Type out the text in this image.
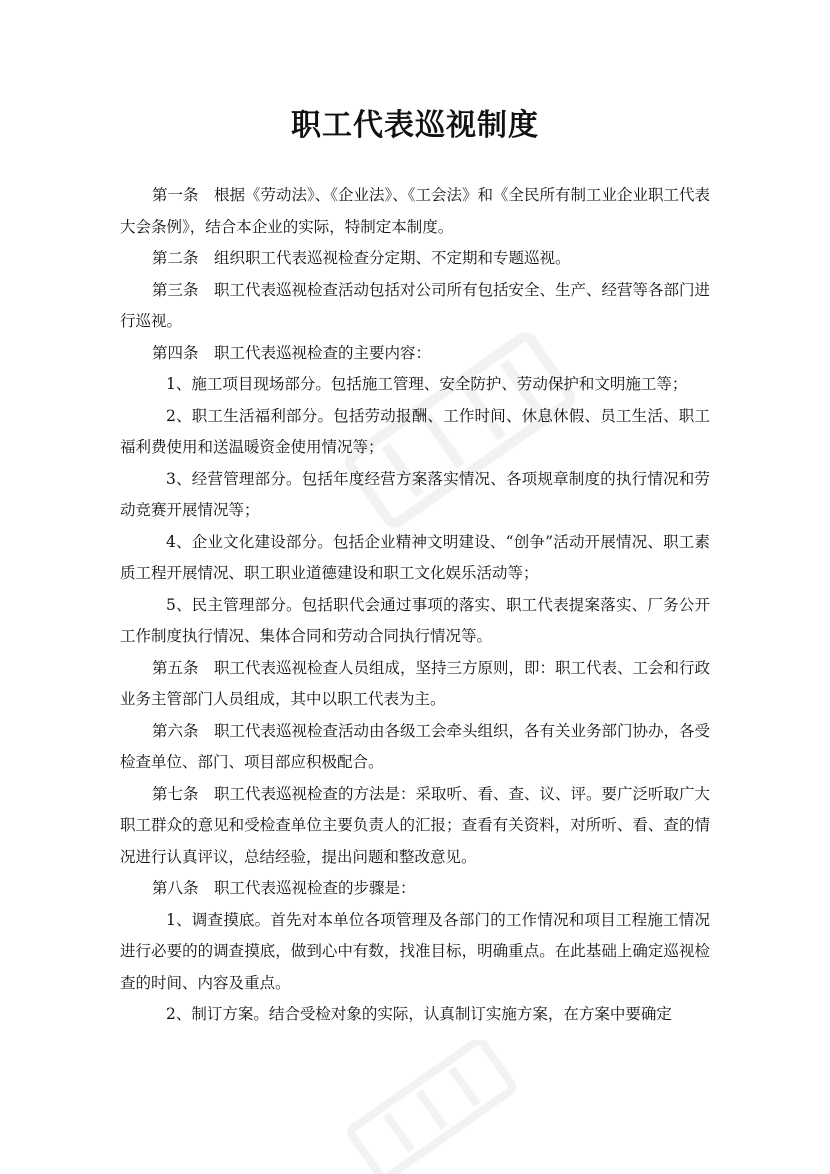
职工代表巡视制度

第一条　根据《劳动法》、《企业法》、《工会法》和《全民所有制工业企业职工代表大会条例》，结合本企业的实际，特制定本制度。

第二条　组织职工代表巡视检查分定期、不定期和专题巡视。

第三条　职工代表巡视检查活动包括对公司所有包括安全、生产、经营等各部门进行巡视。

第四条　职工代表巡视检查的主要内容：

1、施工项目现场部分。包括施工管理、安全防护、劳动保护和文明施工等；

2、职工生活福利部分。包括劳动报酬、工作时间、休息休假、员工生活、职工福利费使用和送温暖资金使用情况等；

3、经营管理部分。包括年度经营方案落实情况、各项规章制度的执行情况和劳动竞赛开展情况等；

4、企业文化建设部分。包括企业精神文明建设、“创争”活动开展情况、职工素质工程开展情况、职工职业道德建设和职工文化娱乐活动等；

5、民主管理部分。包括职代会通过事项的落实、职工代表提案落实、厂务公开工作制度执行情况、集体合同和劳动合同执行情况等。

第五条　职工代表巡视检查人员组成，坚持三方原则，即：职工代表、工会和行政业务主管部门人员组成，其中以职工代表为主。

第六条　职工代表巡视检查活动由各级工会牵头组织，各有关业务部门协办，各受检查单位、部门、项目部应积极配合。

第七条　职工代表巡视检查的方法是：采取听、看、查、议、评。要广泛听取广大职工群众的意见和受检查单位主要负责人的汇报；查看有关资料，对所听、看、查的情况进行认真评议，总结经验，提出问题和整改意见。

第八条　职工代表巡视检查的步骤是：

1、调查摸底。首先对本单位各项管理及各部门的工作情况和项目工程施工情况进行必要的的调查摸底，做到心中有数，找准目标，明确重点。在此基础上确定巡视检查的时间、内容及重点。

2、制订方案。结合受检对象的实际，认真制订实施方案，在方案中要确定
